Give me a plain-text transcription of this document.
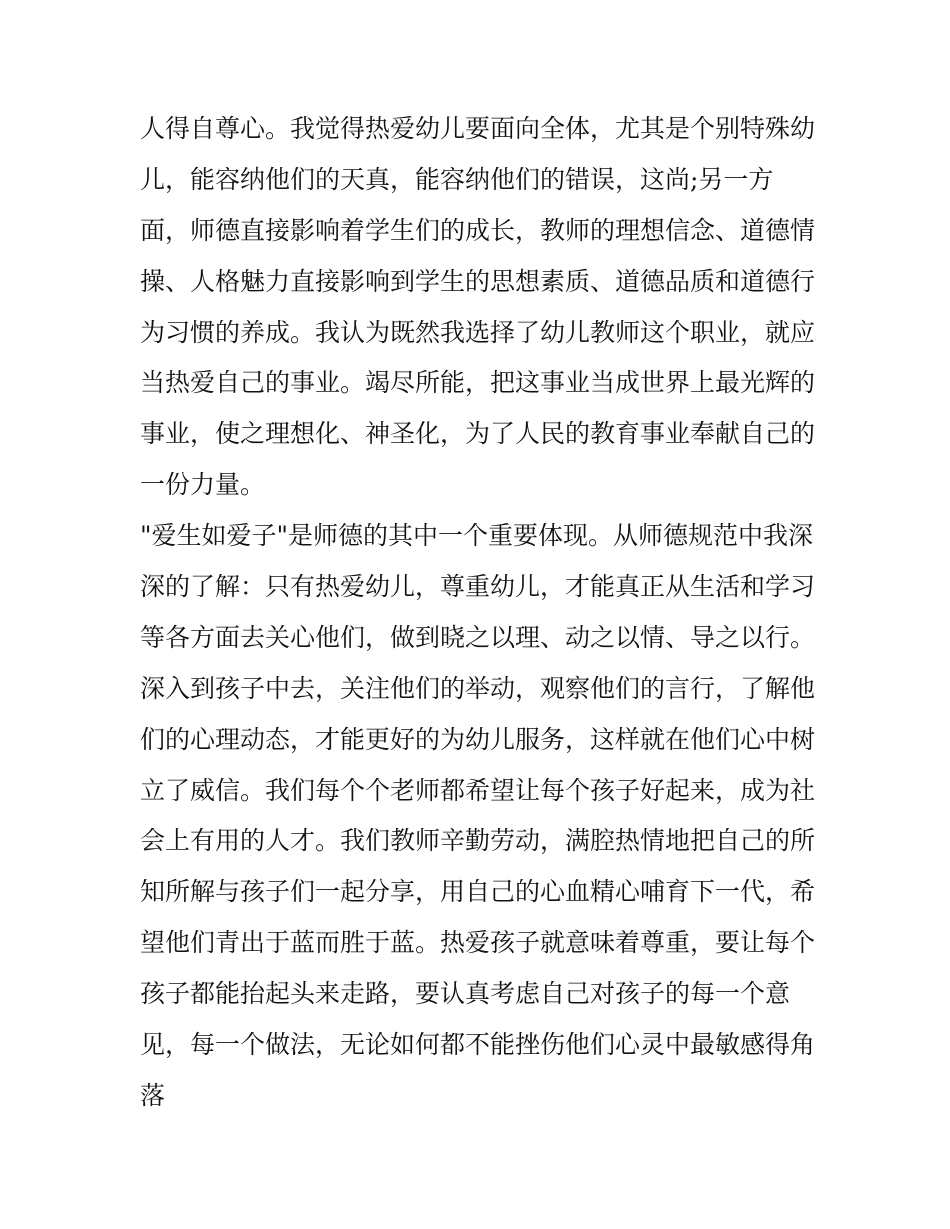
人得自尊心。我觉得热爱幼儿要面向全体，尤其是个别特殊幼
儿，能容纳他们的天真，能容纳他们的错误，这尚;另一方
面，师德直接影响着学生们的成长，教师的理想信念、道德情
操、人格魅力直接影响到学生的思想素质、道德品质和道德行
为习惯的养成。我认为既然我选择了幼儿教师这个职业，就应
当热爱自己的事业。竭尽所能，把这事业当成世界上最光辉的
事业，使之理想化、神圣化，为了人民的教育事业奉献自己的
一份力量。
"爱生如爱子"是师德的其中一个重要体现。从师德规范中我深
深的了解：只有热爱幼儿，尊重幼儿，才能真正从生活和学习
等各方面去关心他们，做到晓之以理、动之以情、导之以行。
深入到孩子中去，关注他们的举动，观察他们的言行，了解他
们的心理动态，才能更好的为幼儿服务，这样就在他们心中树
立了威信。我们每个个老师都希望让每个孩子好起来，成为社
会上有用的人才。我们教师辛勤劳动，满腔热情地把自己的所
知所解与孩子们一起分享，用自己的心血精心哺育下一代，希
望他们青出于蓝而胜于蓝。热爱孩子就意味着尊重，要让每个
孩子都能抬起头来走路，要认真考虑自己对孩子的每一个意
见，每一个做法，无论如何都不能挫伤他们心灵中最敏感得角
落
